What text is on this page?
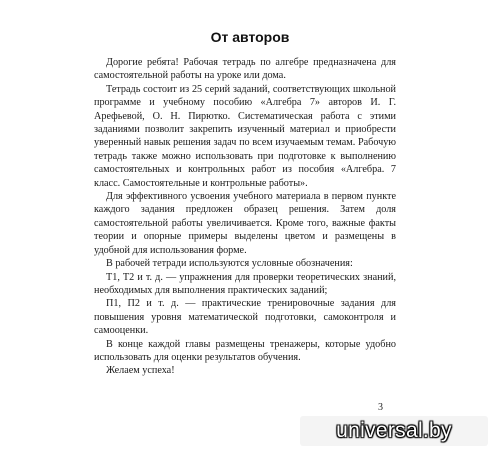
От авторов

Дорогие ребята! Рабочая тетрадь по алгебре предназначена для самостоятельной работы на уроке или дома.

Тетрадь состоит из 25 серий заданий, соответствующих школьной программе и учебному пособию «Алгебра 7» авторов И. Г. Арефьевой, О. Н. Пирютко. Систематическая работа с этими заданиями позволит закрепить изученный материал и приобрести уверенный навык решения задач по всем изучаемым темам. Рабочую тетрадь также можно использовать при подготовке к выполнению самостоятельных и контрольных работ из пособия «Алгебра. 7 класс. Самостоятельные и контрольные работы».

Для эффективного усвоения учебного материала в первом пункте каждого задания предложен образец решения. Затем доля самостоятельной работы увеличивается. Кроме того, важные факты теории и опорные примеры выделены цветом и размещены в удобной для использования форме.

В рабочей тетради используются условные обозначения:

Т1, Т2 и т. д. — упражнения для проверки теоретических знаний, необходимых для выполнения практических заданий;

П1, П2 и т. д. — практические тренировочные задания для повышения уровня математической подготовки, самоконтроля и самооценки.

В конце каждой главы размещены тренажеры, которые удобно использовать для оценки результатов обучения.

Желаем успеха!

3
universal.by
